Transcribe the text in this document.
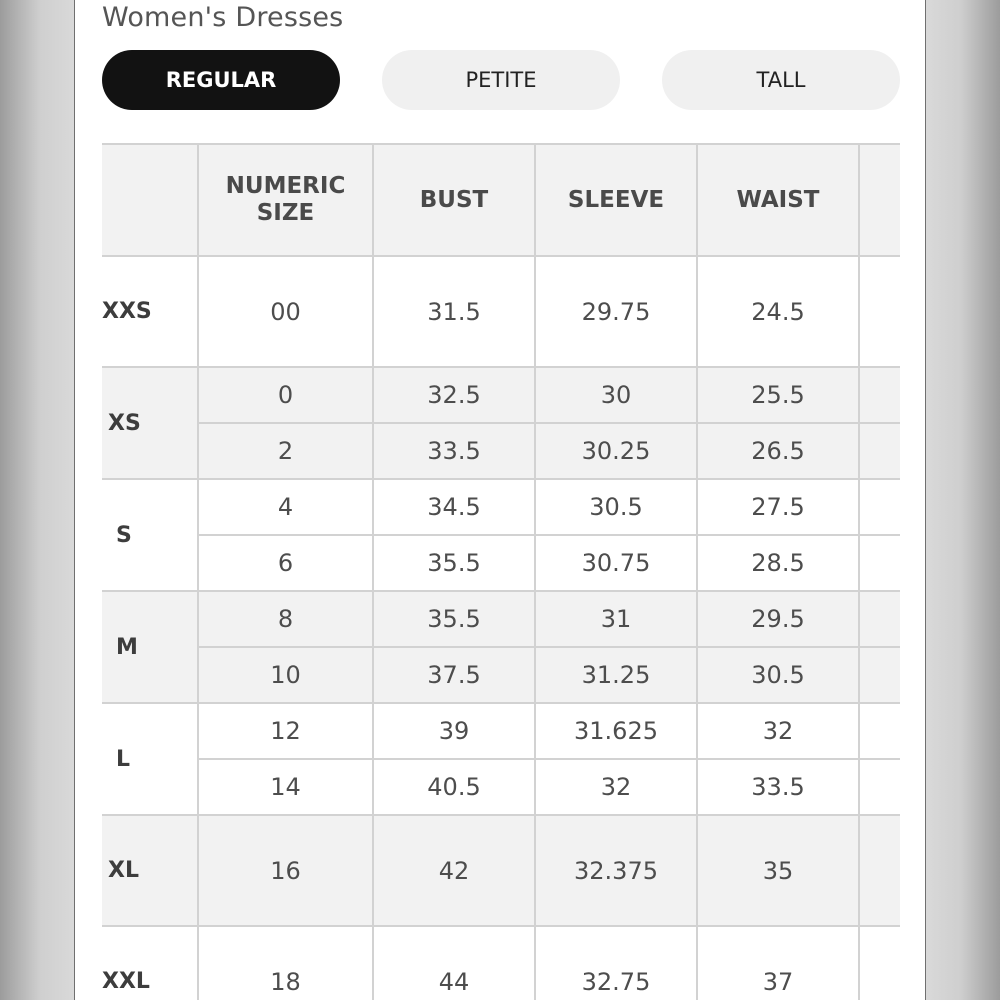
Women's Dresses
REGULAR	PETITE	TALL
	NUMERIC SIZE	BUST	SLEEVE	WAIST	
XXS	00	31.5	29.75	24.5	
XS	0	32.5	30	25.5	
	2	33.5	30.25	26.5	
S	4	34.5	30.5	27.5	
	6	35.5	30.75	28.5	
M	8	35.5	31	29.5	
	10	37.5	31.25	30.5	
L	12	39	31.625	32	
	14	40.5	32	33.5	
XL	16	42	32.375	35	
XXL	18	44	32.75	37	
